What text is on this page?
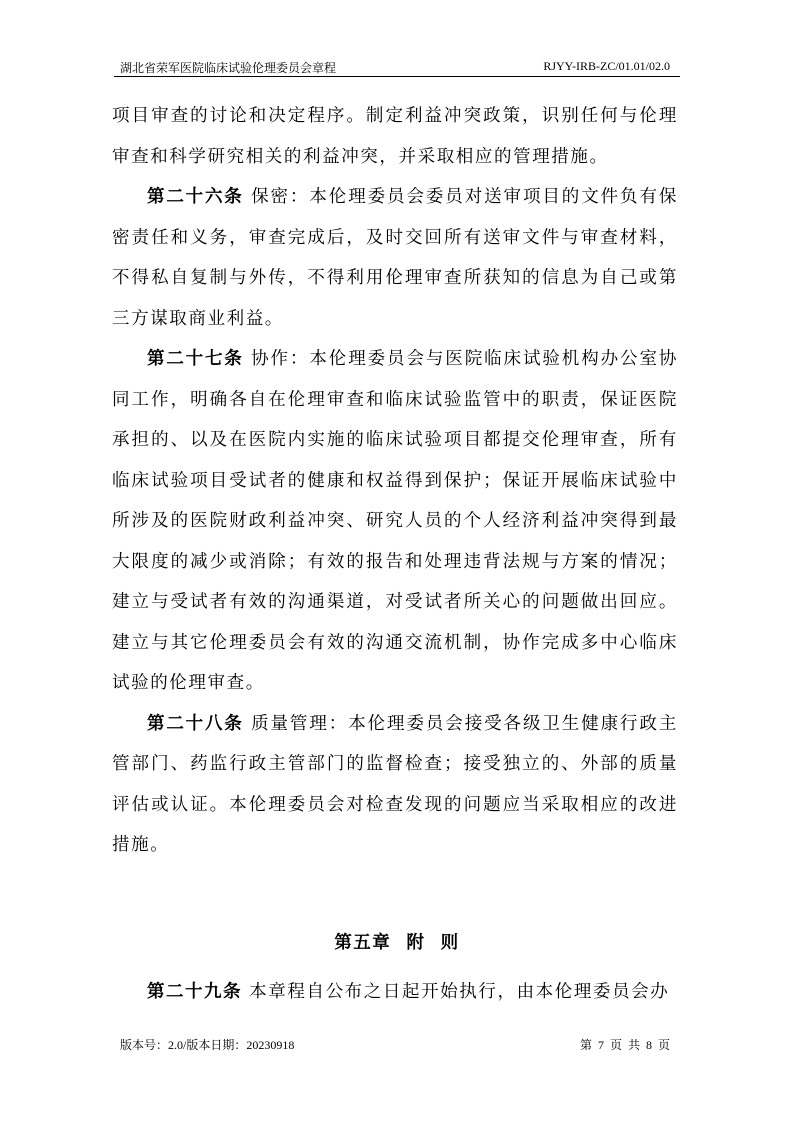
湖北省荣军医院临床试验伦理委员会章程	RJYY-IRB-ZC/01.01/02.0

项目审查的讨论和决定程序。制定利益冲突政策，识别任何与伦理审查和科学研究相关的利益冲突，并采取相应的管理措施。

第二十六条 保密：本伦理委员会委员对送审项目的文件负有保密责任和义务，审查完成后，及时交回所有送审文件与审查材料，不得私自复制与外传，不得利用伦理审查所获知的信息为自己或第三方谋取商业利益。

第二十七条 协作：本伦理委员会与医院临床试验机构办公室协同工作，明确各自在伦理审查和临床试验监管中的职责，保证医院承担的、以及在医院内实施的临床试验项目都提交伦理审查，所有临床试验项目受试者的健康和权益得到保护；保证开展临床试验中所涉及的医院财政利益冲突、研究人员的个人经济利益冲突得到最大限度的减少或消除；有效的报告和处理违背法规与方案的情况；建立与受试者有效的沟通渠道，对受试者所关心的问题做出回应。建立与其它伦理委员会有效的沟通交流机制，协作完成多中心临床试验的伦理审查。

第二十八条 质量管理：本伦理委员会接受各级卫生健康行政主管部门、药监行政主管部门的监督检查；接受独立的、外部的质量评估或认证。本伦理委员会对检查发现的问题应当采取相应的改进措施。

第五章  附  则
第二十九条 本章程自公布之日起开始执行，由本伦理委员会办
版本号：2.0/版本日期：20230918	第 7 页 共 8 页
